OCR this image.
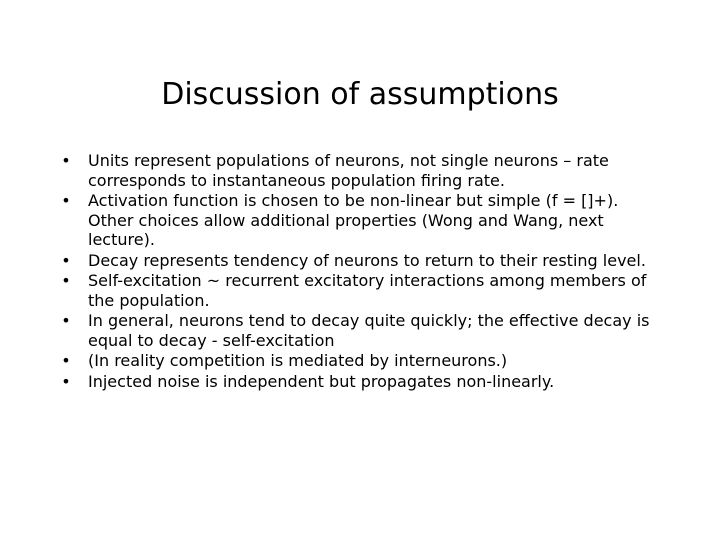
Discussion of assumptions
• Units represent populations of neurons, not single neurons – rate corresponds to instantaneous population firing rate.
• Activation function is chosen to be non-linear but simple (f = []+). Other choices allow additional properties (Wong and Wang, next lecture).
• Decay represents tendency of neurons to return to their resting level.
• Self-excitation ~ recurrent excitatory interactions among members of the population.
• In general, neurons tend to decay quite quickly; the effective decay is equal to decay - self-excitation
• (In reality competition is mediated by interneurons.)
• Injected noise is independent but propagates non-linearly.
